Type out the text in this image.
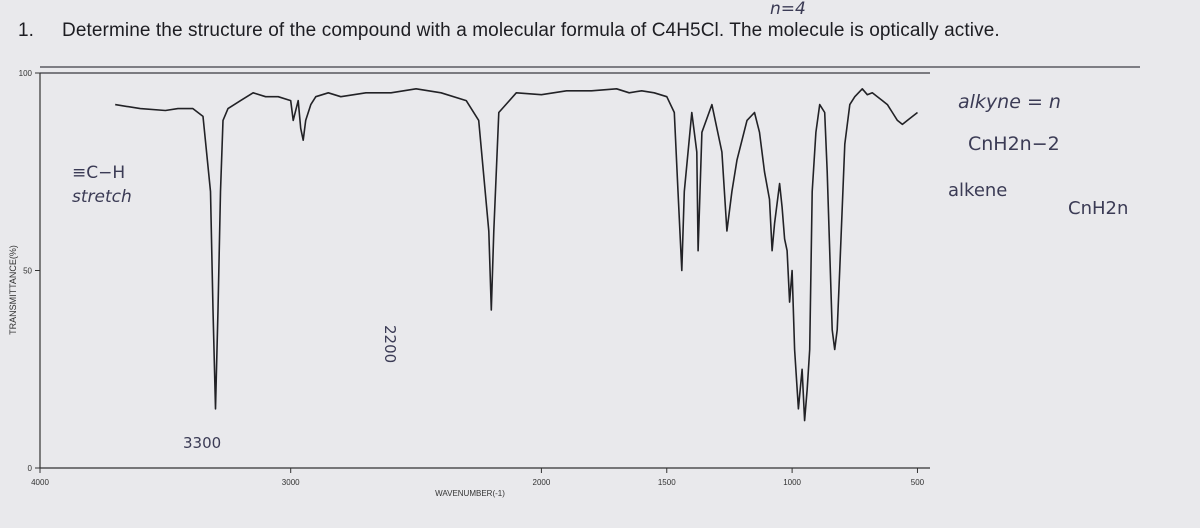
1. Determine the structure of the compound with a molecular formula of C4H5Cl. The molecule is optically active.
0
50
100
4000	3000	2000	1500	1000	500
TRANSMITTANCE(%)
WAVENUMBER(-1)
n=4
≡C−H
stretch
3300
2200
alkyne = n
CnH2n−2
alkene
CnH2n
